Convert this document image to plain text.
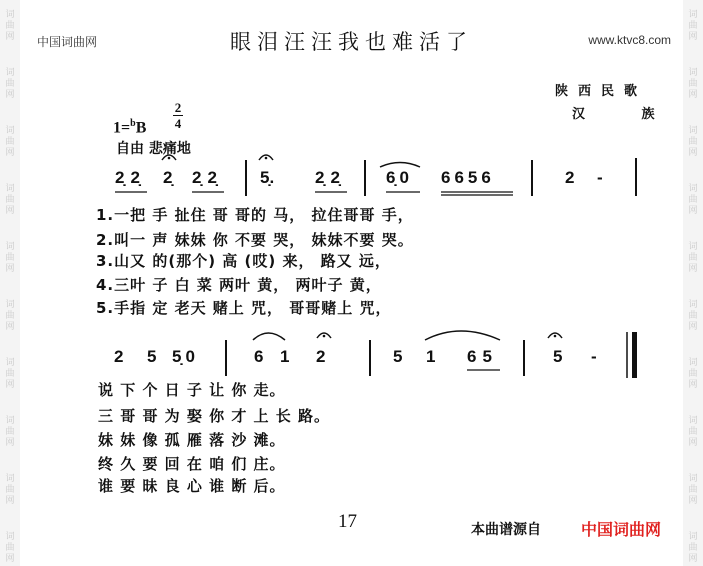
词
曲
网
词
曲
网
词
曲
网
词
曲
网
词
曲
网
词
曲
网
词
曲
网
词
曲
网
词
曲
网
词
曲
网
词
曲
网
词
曲
网
词
曲
网
词
曲
网
词
曲
网
词
曲
网
词
曲
网
词
曲
网
词
曲
网
词
曲
网
中国词曲网	www.ktvc8.com
眼泪汪汪我也难活了
陕西民歌
汉 族
1=$^b$B
2
4
自由 悲痛地
2̣2̣ 2̣ 2̣2̣ 5̣. 2̣2̣ 6̣0 6656	2 -
1.一把 手 扯住 哥 哥的 马， 拉住哥哥 手，
2.叫一 声 妹妹 你 不要 哭， 妹妹不要 哭。
3.山又 的(那个) 高 (哎) 来， 路又 远，
4.三叶 子 白 菜 两叶 黄， 两叶子 黄，
5.手指 定 老天 赌上 咒， 哥哥赌上 咒，
2 5 5̣0	6 1 2	5 1 65	5 -
说 下 个 日 子 让 你 走。
三 哥 哥 为 娶 你 才 上 长 路。
妹 妹 像 孤 雁 落 沙 滩。
终 久 要 回 在 咱 们 庄。
谁 要 昧 良 心 谁 断 后。
17	本曲谱源自	中国词曲网
